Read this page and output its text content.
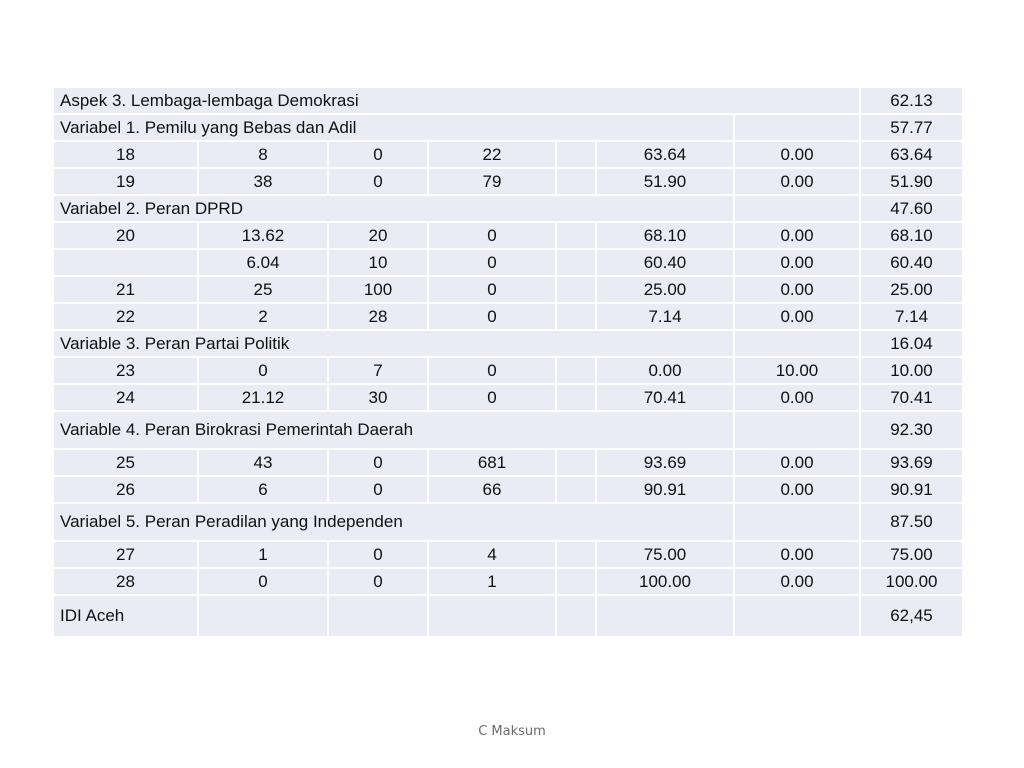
Aspek 3. Lembaga-lembaga Demokrasi							62.13
Variabel 1. Pemilu yang Bebas dan Adil							57.77
18	8	0	22		63.64	0.00	63.64
19	38	0	79		51.90	0.00	51.90
Variabel 2. Peran DPRD							47.60
20	13.62	20	0		68.10	0.00	68.10
	6.04	10	0		60.40	0.00	60.40
21	25	100	0		25.00	0.00	25.00
22	2	28	0		7.14	0.00	7.14
Variable 3. Peran Partai Politik							16.04
23	0	7	0		0.00	10.00	10.00
24	21.12	30	0		70.41	0.00	70.41
Variable 4. Peran Birokrasi Pemerintah Daerah							92.30
25	43	0	681		93.69	0.00	93.69
26	6	0	66		90.91	0.00	90.91
Variabel 5. Peran Peradilan yang Independen							87.50
27	1	0	4		75.00	0.00	75.00
28	0	0	1		100.00	0.00	100.00
IDI Aceh							62,45
C Maksum
